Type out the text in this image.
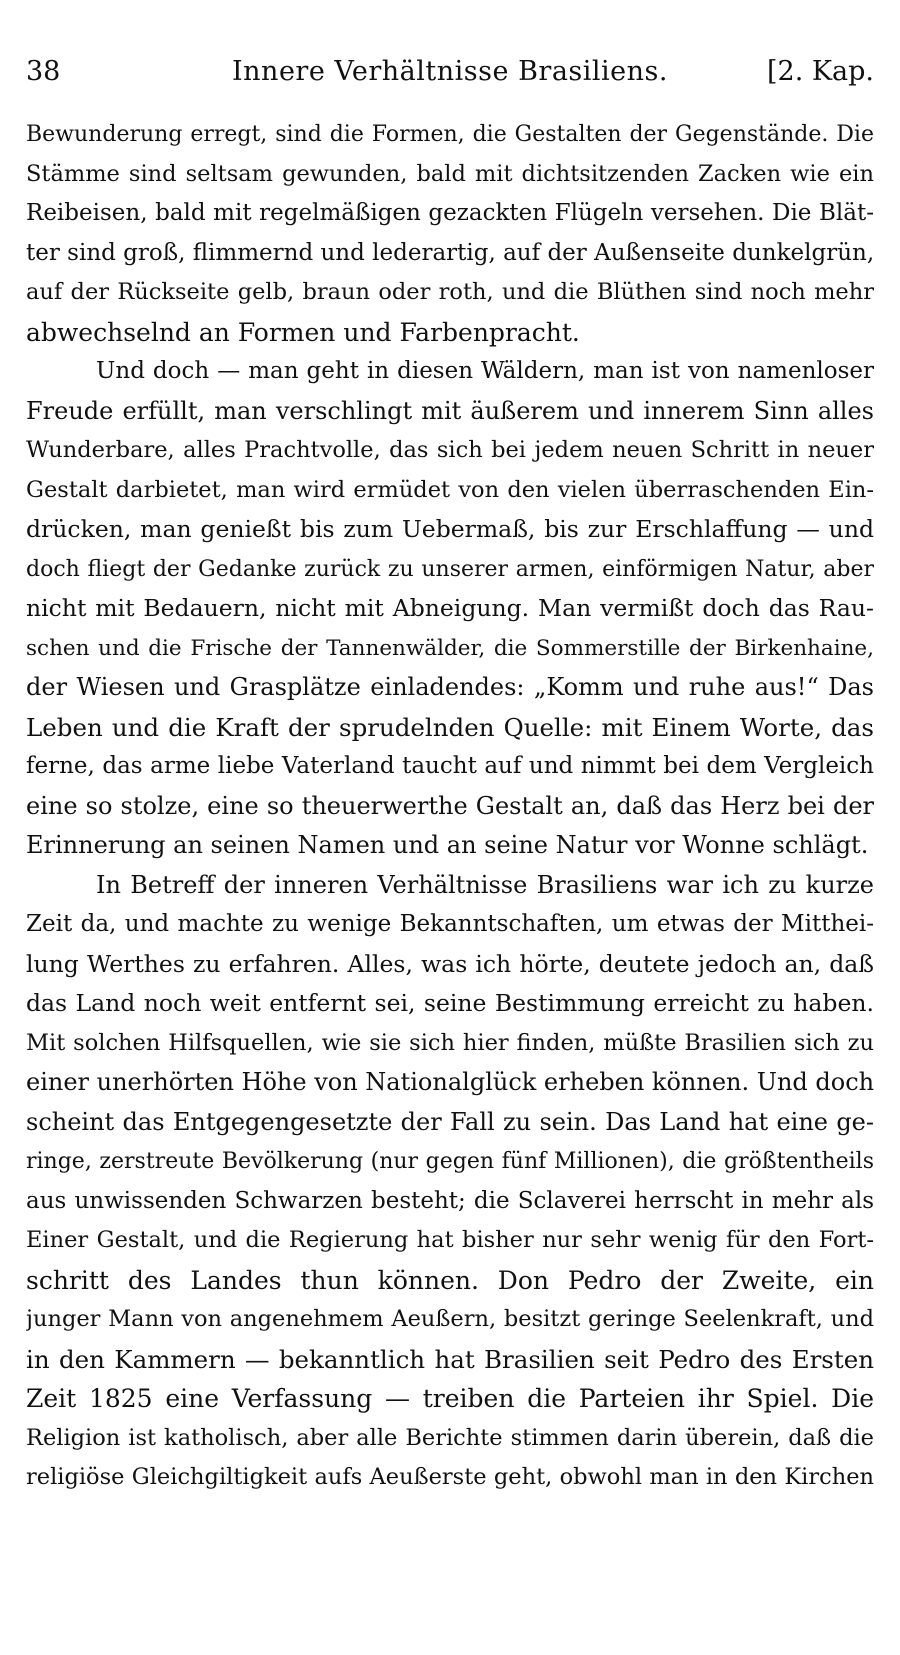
38	Innere Verhältnisse Brasiliens.	[2. Kap.
Bewunderung erregt, sind die Formen, die Gestalten der Gegenstände. Die
Stämme sind seltsam gewunden, bald mit dichtsitzenden Zacken wie ein
Reibeisen, bald mit regelmäßigen gezackten Flügeln versehen. Die Blät-
ter sind groß, flimmernd und lederartig, auf der Außenseite dunkelgrün,
auf der Rückseite gelb, braun oder roth, und die Blüthen sind noch mehr
abwechselnd an Formen und Farbenpracht.
Und doch — man geht in diesen Wäldern, man ist von namenloser
Freude erfüllt, man verschlingt mit äußerem und innerem Sinn alles
Wunderbare, alles Prachtvolle, das sich bei jedem neuen Schritt in neuer
Gestalt darbietet, man wird ermüdet von den vielen überraschenden Ein-
drücken, man genießt bis zum Uebermaß, bis zur Erschlaffung — und
doch fliegt der Gedanke zurück zu unserer armen, einförmigen Natur, aber
nicht mit Bedauern, nicht mit Abneigung. Man vermißt doch das Rau-
schen und die Frische der Tannenwälder, die Sommerstille der Birkenhaine,
der Wiesen und Grasplätze einladendes: „Komm und ruhe aus!“ Das
Leben und die Kraft der sprudelnden Quelle: mit Einem Worte, das
ferne, das arme liebe Vaterland taucht auf und nimmt bei dem Vergleich
eine so stolze, eine so theuerwerthe Gestalt an, daß das Herz bei der
Erinnerung an seinen Namen und an seine Natur vor Wonne schlägt.
In Betreff der inneren Verhältnisse Brasiliens war ich zu kurze
Zeit da, und machte zu wenige Bekanntschaften, um etwas der Mitthei-
lung Werthes zu erfahren. Alles, was ich hörte, deutete jedoch an, daß
das Land noch weit entfernt sei, seine Bestimmung erreicht zu haben.
Mit solchen Hilfsquellen, wie sie sich hier finden, müßte Brasilien sich zu
einer unerhörten Höhe von Nationalglück erheben können. Und doch
scheint das Entgegengesetzte der Fall zu sein. Das Land hat eine ge-
ringe, zerstreute Bevölkerung (nur gegen fünf Millionen), die größtentheils
aus unwissenden Schwarzen besteht; die Sclaverei herrscht in mehr als
Einer Gestalt, und die Regierung hat bisher nur sehr wenig für den Fort-
schritt des Landes thun können. Don Pedro der Zweite, ein
junger Mann von angenehmem Aeußern, besitzt geringe Seelenkraft, und
in den Kammern — bekanntlich hat Brasilien seit Pedro des Ersten
Zeit 1825 eine Verfassung — treiben die Parteien ihr Spiel. Die
Religion ist katholisch, aber alle Berichte stimmen darin überein, daß die
religiöse Gleichgiltigkeit aufs Aeußerste geht, obwohl man in den Kirchen
